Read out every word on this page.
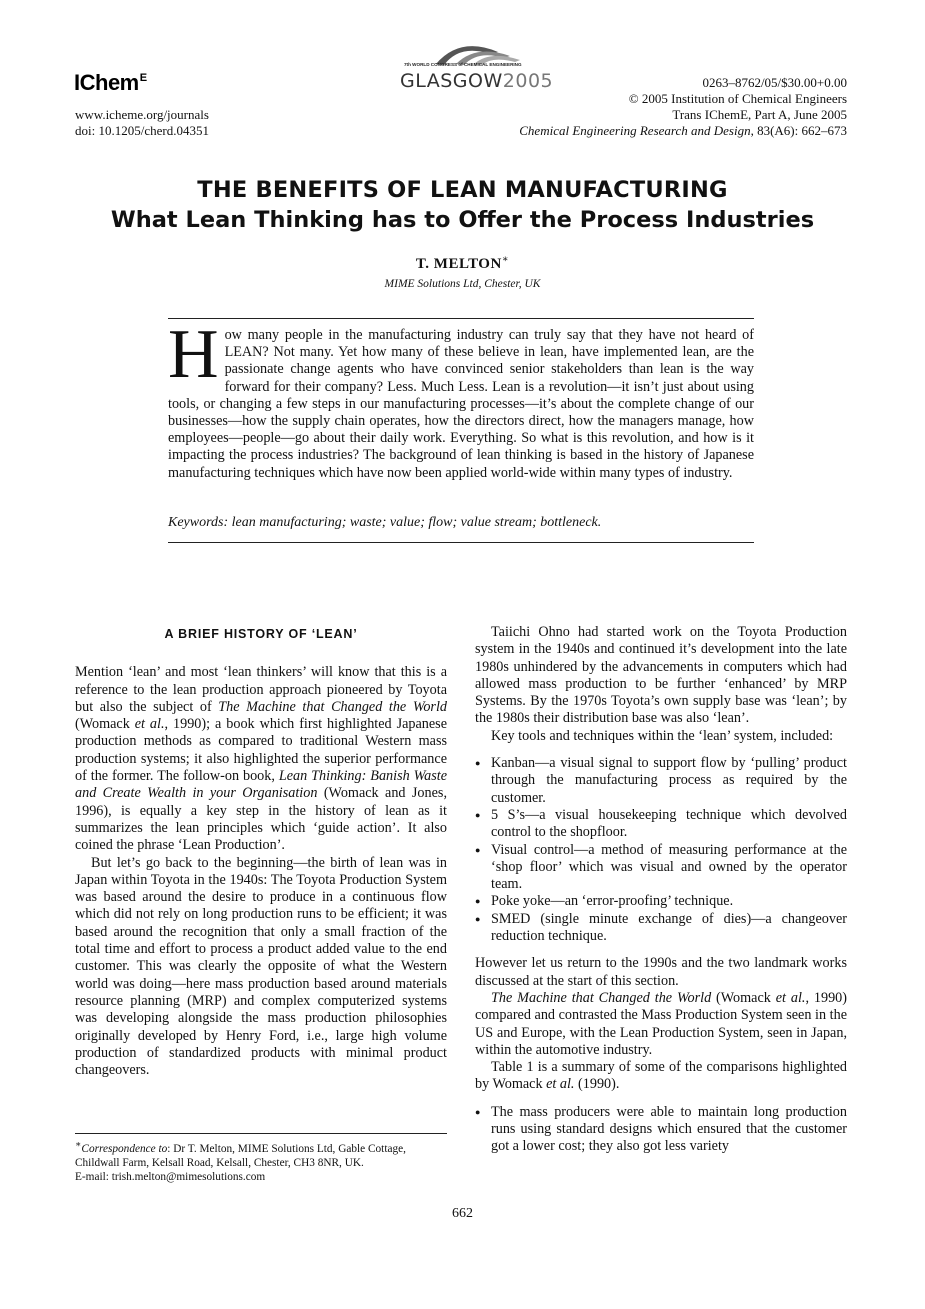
IChem$^E$
www.icheme.org/journals
doi: 10.1205/cherd.04351
7th WORLD CONGRESS of CHEMICAL ENGINEERING
GLASGOW2005	0263–8762/05/$30.00+0.00
© 2005 Institution of Chemical Engineers
Trans IChemE, Part A, June 2005
Chemical Engineering Research and Design, 83(A6): 662–673
THE BENEFITS OF LEAN MANUFACTURING
What Lean Thinking has to Offer the Process Industries
T. MELTON∗
MIME Solutions Ltd, Chester, UK
How many people in the manufacturing industry can truly say that they have not heard of LEAN? Not many. Yet how many of these believe in lean, have implemented lean, are the passionate change agents who have convinced senior stakeholders than lean is the way forward for their company? Less. Much Less. Lean is a revolution—it isn’t just about using tools, or changing a few steps in our manufacturing processes—it’s about the complete change of our businesses—how the supply chain operates, how the directors direct, how the managers manage, how employees—people—go about their daily work. Everything. So what is this revolution, and how is it impacting the process industries? The background of lean thinking is based in the history of Japanese manufacturing techniques which have now been applied world-wide within many types of industry.
Keywords: lean manufacturing; waste; value; flow; value stream; bottleneck.
A BRIEF HISTORY OF ‘LEAN’

Mention ‘lean’ and most ‘lean thinkers’ will know that this is a reference to the lean production approach pioneered by Toyota but also the subject of The Machine that Changed the World (Womack et al., 1990); a book which first highlighted Japanese production methods as compared to traditional Western mass production systems; it also highlighted the superior performance of the former. The follow-on book, Lean Thinking: Banish Waste and Create Wealth in your Organisation (Womack and Jones, 1996), is equally a key step in the history of lean as it summarizes the lean principles which ‘guide action’. It also coined the phrase ‘Lean Production’.

But let’s go back to the beginning—the birth of lean was in Japan within Toyota in the 1940s: The Toyota Production System was based around the desire to produce in a continuous flow which did not rely on long production runs to be efficient; it was based around the recognition that only a small fraction of the total time and effort to process a product added value to the end customer. This was clearly the opposite of what the Western world was doing—here mass production based around materials resource planning (MRP) and complex computerized systems was developing alongside the mass production philosophies originally developed by Henry Ford, i.e., large high volume production of standardized products with minimal product changeovers.

Taiichi Ohno had started work on the Toyota Production system in the 1940s and continued it’s development into the late 1980s unhindered by the advancements in computers which had allowed mass production to be further ‘enhanced’ by MRP Systems. By the 1970s Toyota’s own supply base was ‘lean’; by the 1980s their distribution base was also ‘lean’.

Key tools and techniques within the ‘lean’ system, included:

● Kanban—a visual signal to support flow by ‘pulling’ product through the manufacturing process as required by the customer.
● 5 S’s—a visual housekeeping technique which devolved control to the shopfloor.
● Visual control—a method of measuring performance at the ‘shop floor’ which was visual and owned by the operator team.
● Poke yoke—an ‘error-proofing’ technique.
● SMED (single minute exchange of dies)—a changeover reduction technique.

However let us return to the 1990s and the two landmark works discussed at the start of this section.

The Machine that Changed the World (Womack et al., 1990) compared and contrasted the Mass Production System seen in the US and Europe, with the Lean Production System, seen in Japan, within the automotive industry.

Table 1 is a summary of some of the comparisons highlighted by Womack et al. (1990).

● The mass producers were able to maintain long production runs using standard designs which ensured that the customer got a lower cost; they also got less variety
∗Correspondence to: Dr T. Melton, MIME Solutions Ltd, Gable Cottage, Childwall Farm, Kelsall Road, Kelsall, Chester, CH3 8NR, UK.
E-mail: trish.melton@mimesolutions.com
662
